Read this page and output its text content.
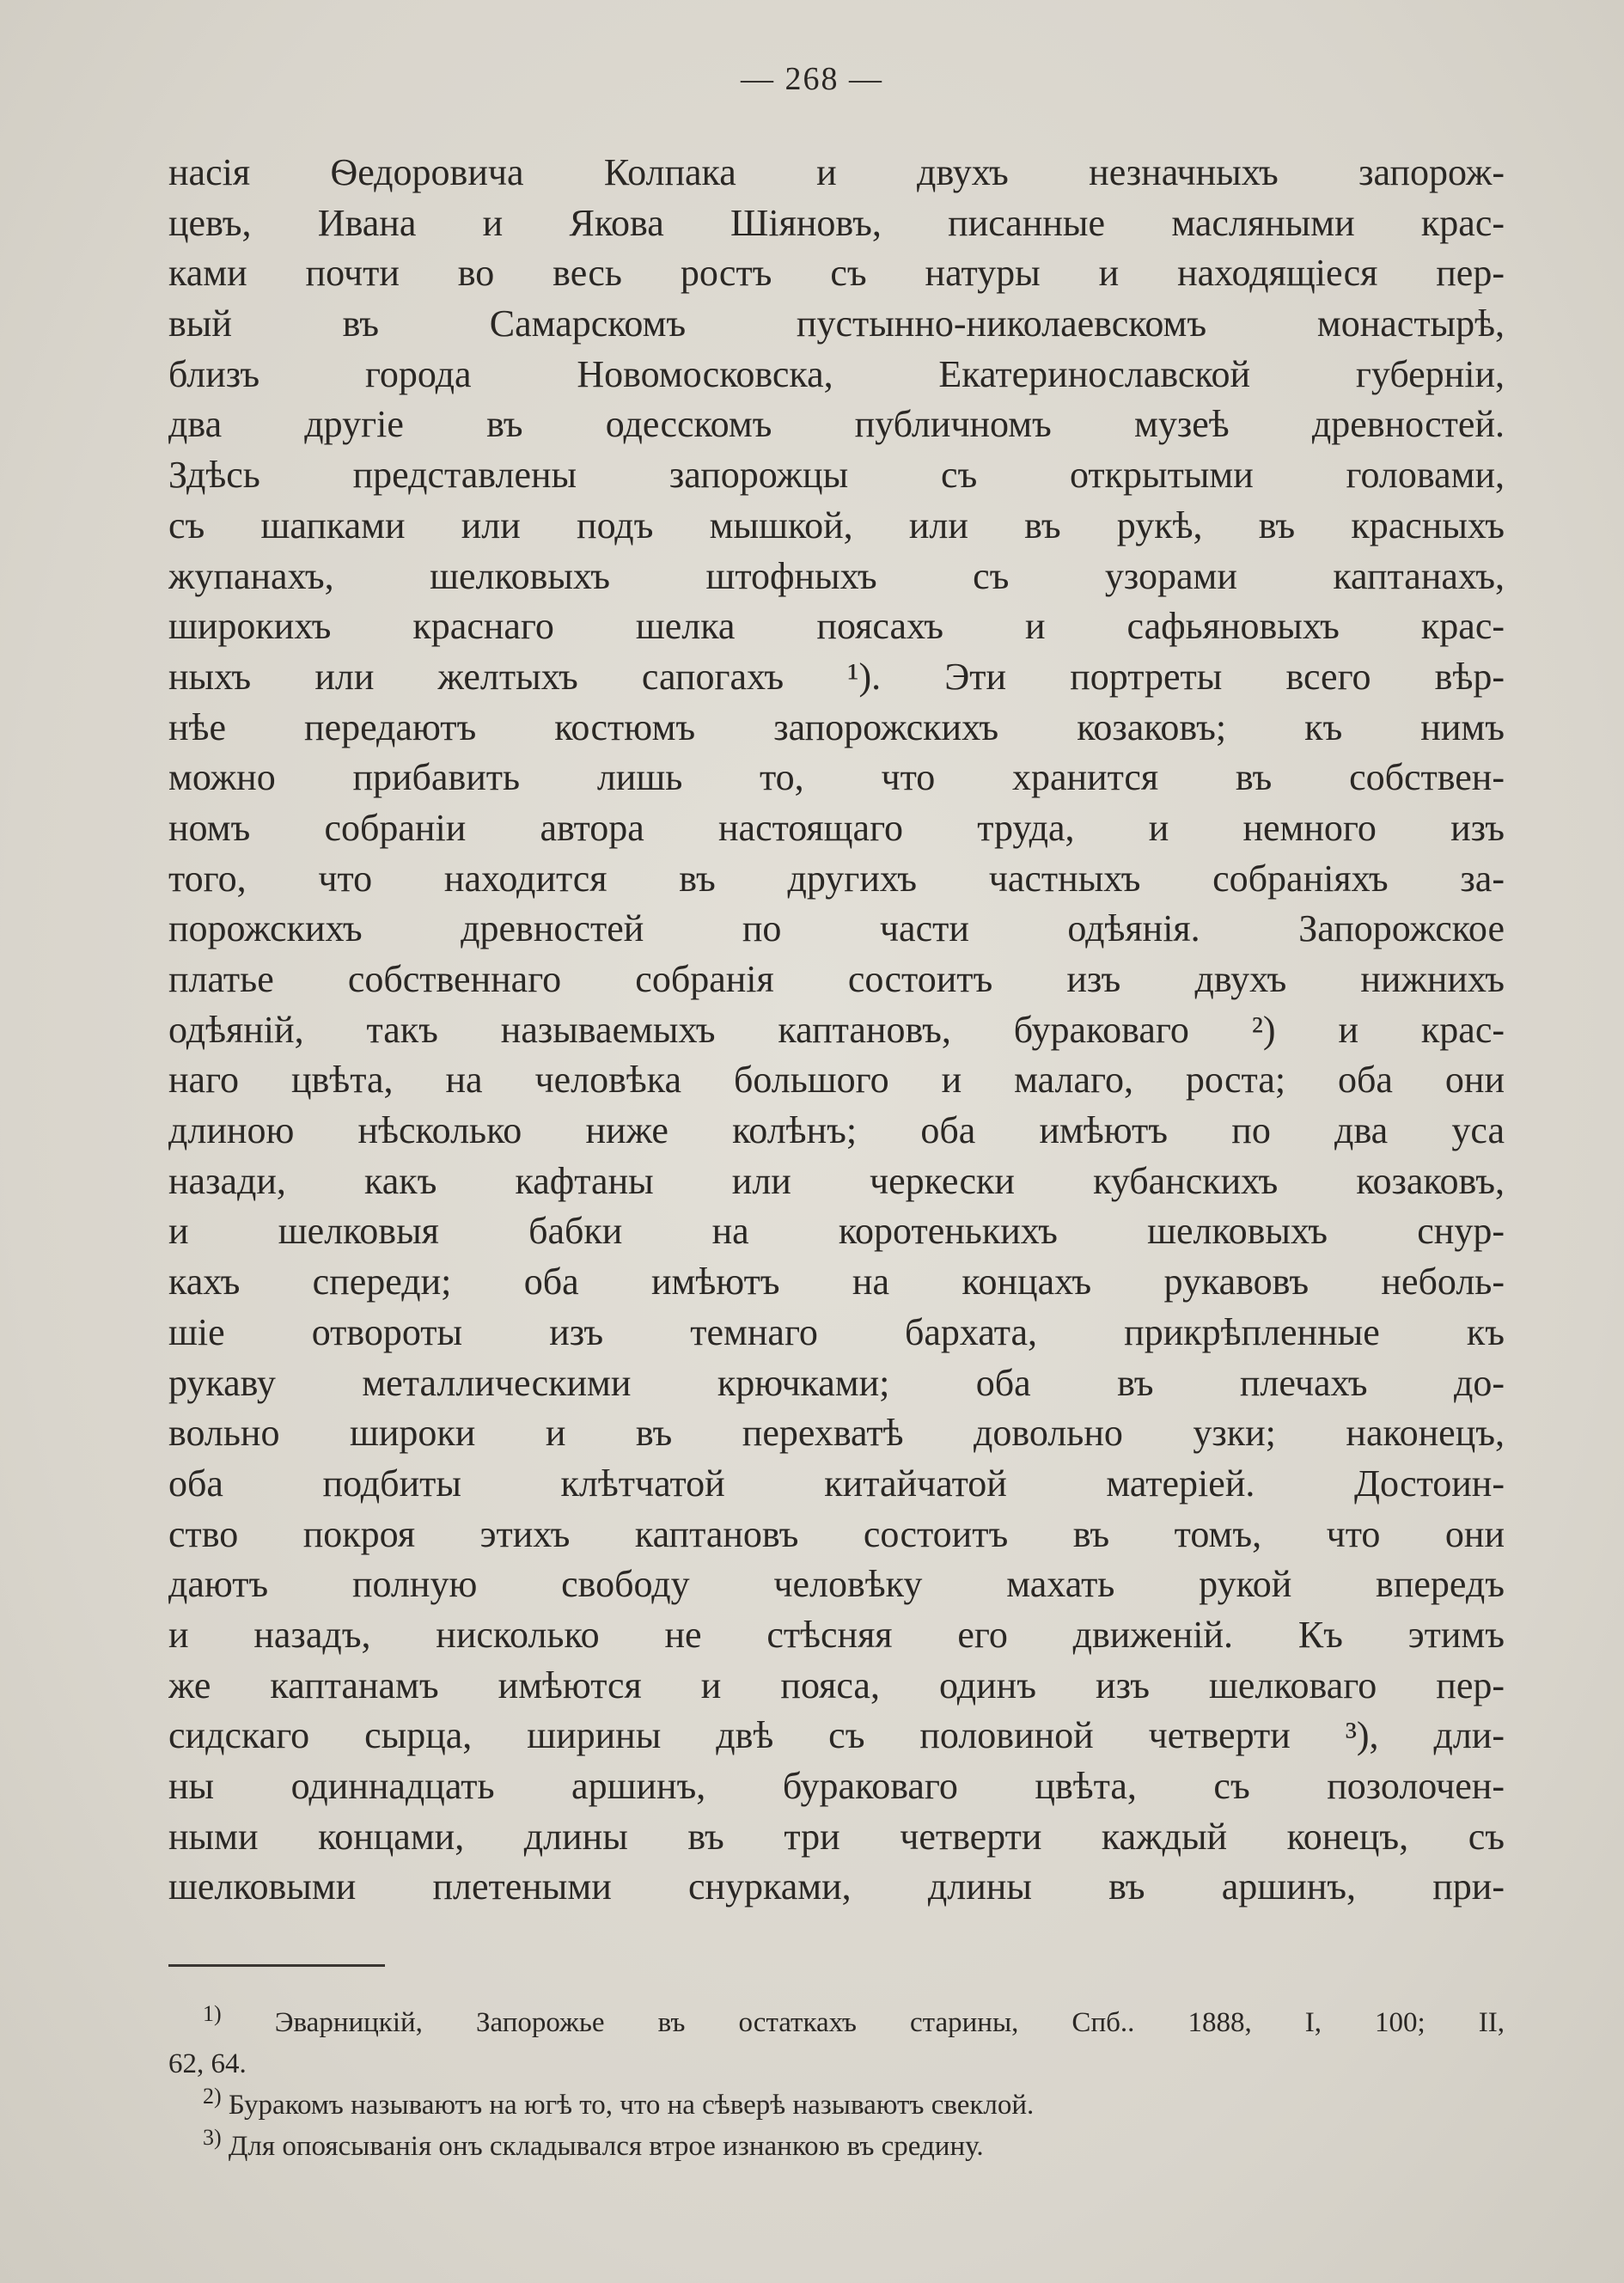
— 268 —
насія Ѳедоровича Колпака и двухъ незначныхъ запорож-
цевъ, Ивана и Якова Шіяновъ, писанные масляными крас-
ками почти во весь ростъ съ натуры и находящіеся пер-
вый въ Самарскомъ пустынно-николаевскомъ монастырѣ,
близъ города Новомосковска, Екатеринославской губерніи,
два другіе въ одесскомъ публичномъ музеѣ древностей.
Здѣсь представлены запорожцы съ открытыми головами,
съ шапками или подъ мышкой, или въ рукѣ, въ красныхъ
жупанахъ, шелковыхъ штофныхъ съ узорами каптанахъ,
широкихъ краснаго шелка поясахъ и сафьяновыхъ крас-
ныхъ или желтыхъ сапогахъ ¹). Эти портреты всего вѣр-
нѣе передаютъ костюмъ запорожскихъ козаковъ; къ нимъ
можно прибавить лишь то, что хранится въ собствен-
номъ собраніи автора настоящаго труда, и немного изъ
того, что находится въ другихъ частныхъ собраніяхъ за-
порожскихъ древностей по части одѣянія. Запорожское
платье собственнаго собранія состоитъ изъ двухъ нижнихъ
одѣяній, такъ называемыхъ каптановъ, бураковаго ²) и крас-
наго цвѣта, на человѣка большого и малаго, роста; оба они
длиною нѣсколько ниже колѣнъ; оба имѣютъ по два уса
назади, какъ кафтаны или черкески кубанскихъ козаковъ,
и шелковыя бабки на коротенькихъ шелковыхъ снур-
кахъ спереди; оба имѣютъ на концахъ рукавовъ неболь-
шіе отвороты изъ темнаго бархата, прикрѣпленные къ
рукаву металлическими крючками; оба въ плечахъ до-
вольно широки и въ перехватѣ довольно узки; наконецъ,
оба подбиты клѣтчатой китайчатой матеріей. Достоин-
ство покроя этихъ каптановъ состоитъ въ томъ, что они
даютъ полную свободу человѣку махать рукой впередъ
и назадъ, нисколько не стѣсняя его движеній. Къ этимъ
же каптанамъ имѣются и пояса, одинъ изъ шелковаго пер-
сидскаго сырца, ширины двѣ съ половиной четверти ³), дли-
ны одиннадцать аршинъ, бураковаго цвѣта, съ позолочен-
ными концами, длины въ три четверти каждый конецъ, съ
шелковыми плетеными снурками, длины въ аршинъ, при-
$^{1)}$ Эварницкій, Запорожье въ остаткахъ старины, Спб.. 1888, I, 100; II,
62, 64.
$^{2)}$ Буракомъ называютъ на югѣ то, что на сѣверѣ называютъ свеклой.
$^{3)}$ Для опоясыванія онъ складывался втрое изнанкою въ средину.
